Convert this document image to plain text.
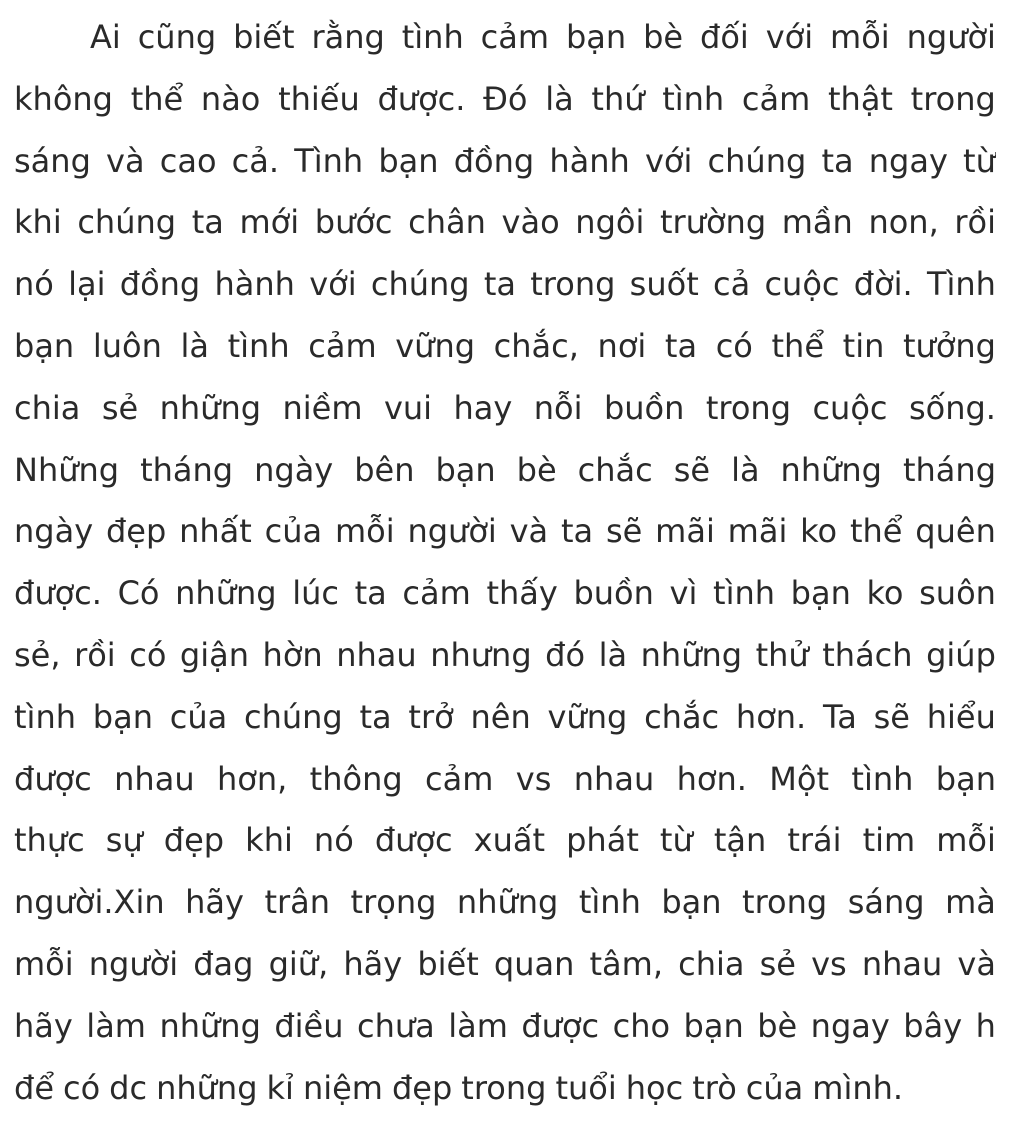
Ai cũng biết rằng tình cảm bạn bè đối với mỗi người
không thể nào thiếu được. Đó là thứ tình cảm thật trong
sáng và cao cả. Tình bạn đồng hành với chúng ta ngay từ
khi chúng ta mới bước chân vào ngôi trường mần non, rồi
nó lại đồng hành với chúng ta trong suốt cả cuộc đời. Tình
bạn luôn là tình cảm vững chắc, nơi ta có thể tin tưởng
chia sẻ những niềm vui hay nỗi buồn trong cuộc sống.
Những tháng ngày bên bạn bè chắc sẽ là những tháng
ngày đẹp nhất của mỗi người và ta sẽ mãi mãi ko thể quên
được. Có những lúc ta cảm thấy buồn vì tình bạn ko suôn
sẻ, rồi có giận hờn nhau nhưng đó là những thử thách giúp
tình bạn của chúng ta trở nên vững chắc hơn. Ta sẽ hiểu
được nhau hơn, thông cảm vs nhau hơn. Một tình bạn
thực sự đẹp khi nó được xuất phát từ tận trái tim mỗi
người.Xin hãy trân trọng những tình bạn trong sáng mà
mỗi người đag giữ, hãy biết quan tâm, chia sẻ vs nhau và
hãy làm những điều chưa làm được cho bạn bè ngay bây h
để có dc những kỉ niệm đẹp trong tuổi học trò của mình.
